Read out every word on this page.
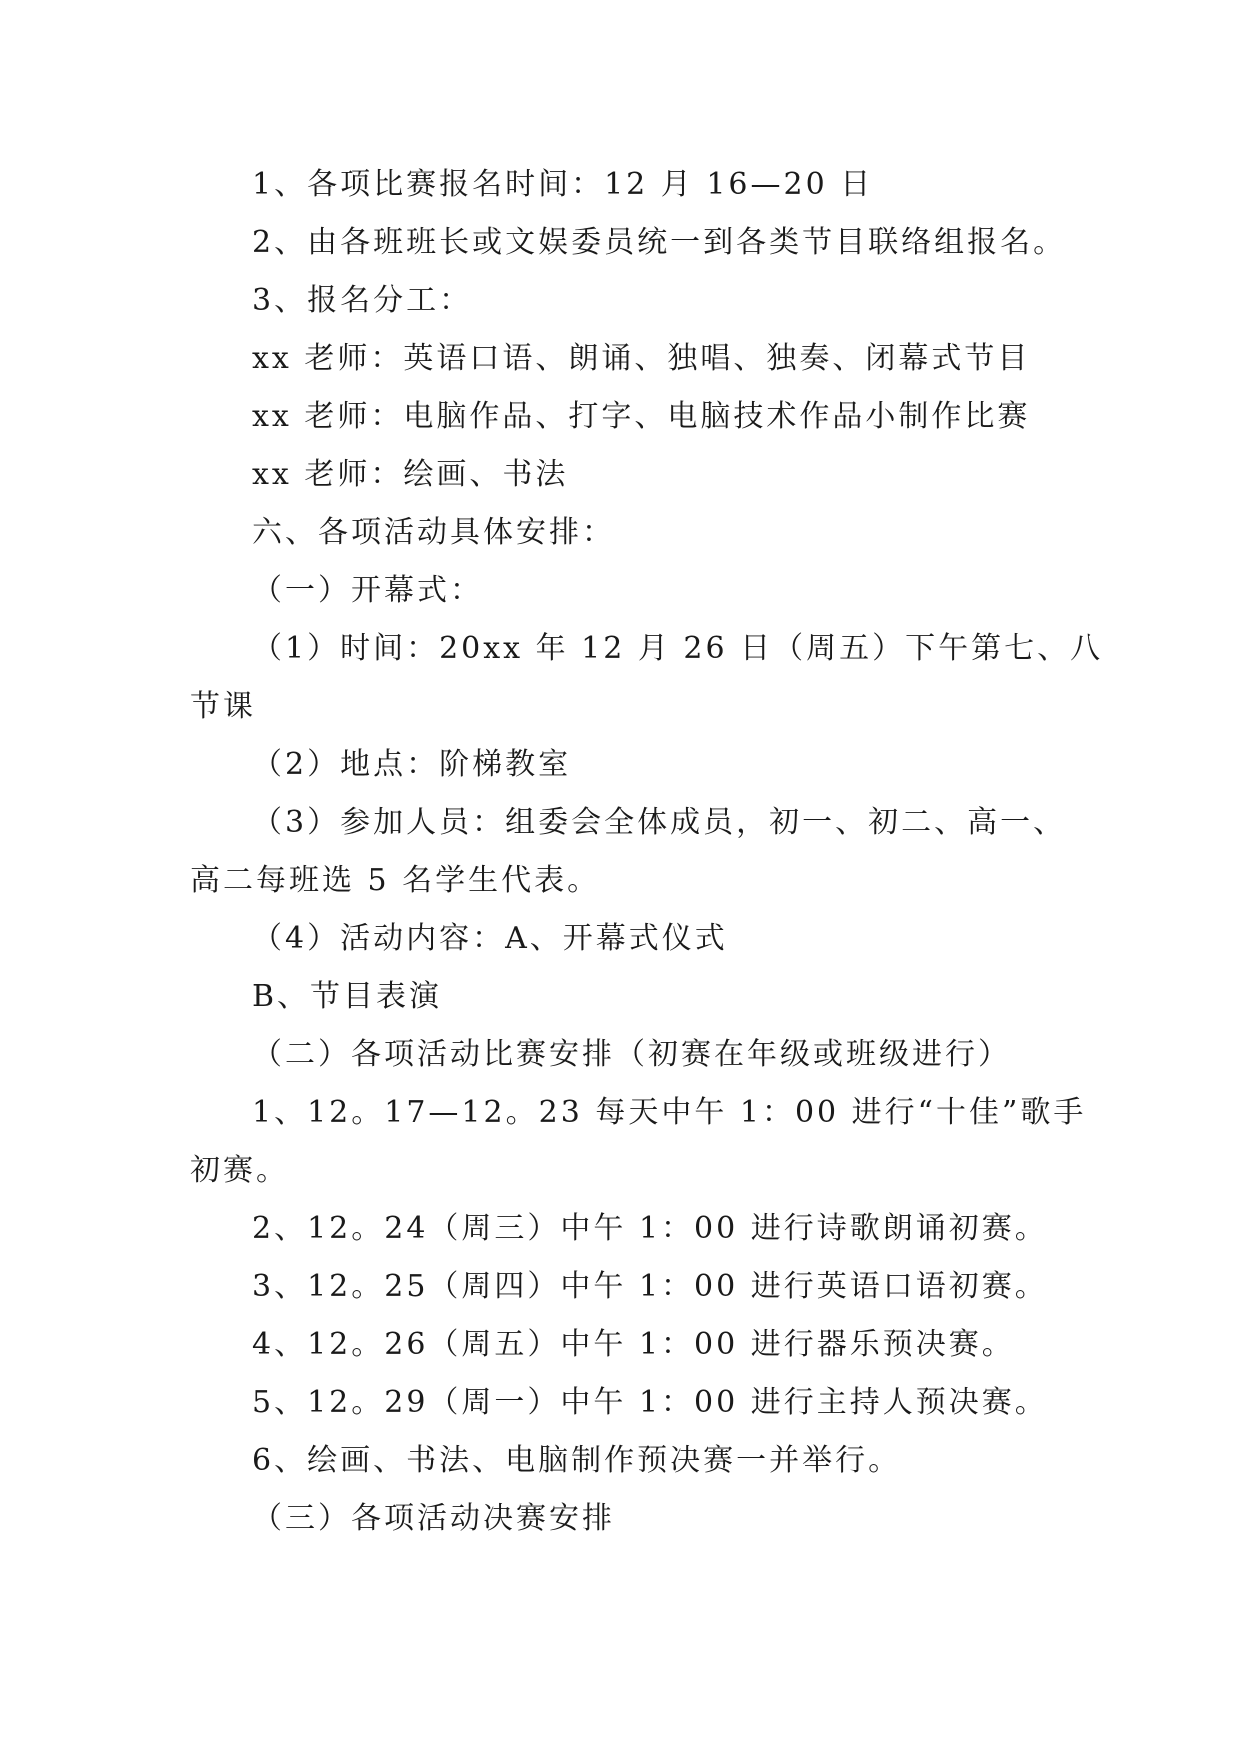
1、各项比赛报名时间：12 月 16—20 日
2、由各班班长或文娱委员统一到各类节目联络组报名。
3、报名分工：
xx 老师：英语口语、朗诵、独唱、独奏、闭幕式节目
xx 老师：电脑作品、打字、电脑技术作品小制作比赛
xx 老师：绘画、书法
六、各项活动具体安排：
（一）开幕式：
（1）时间：20xx 年 12 月 26 日（周五）下午第七、八
节课
（2）地点：阶梯教室
（3）参加人员：组委会全体成员，初一、初二、高一、
高二每班选 5 名学生代表。
（4）活动内容：A、开幕式仪式
B、节目表演
（二）各项活动比赛安排（初赛在年级或班级进行）
1、12。17—12。23 每天中午 1：00 进行“十佳”歌手
初赛。
2、12。24（周三）中午 1：00 进行诗歌朗诵初赛。
3、12。25（周四）中午 1：00 进行英语口语初赛。
4、12。26（周五）中午 1：00 进行器乐预决赛。
5、12。29（周一）中午 1：00 进行主持人预决赛。
6、绘画、书法、电脑制作预决赛一并举行。
（三）各项活动决赛安排
